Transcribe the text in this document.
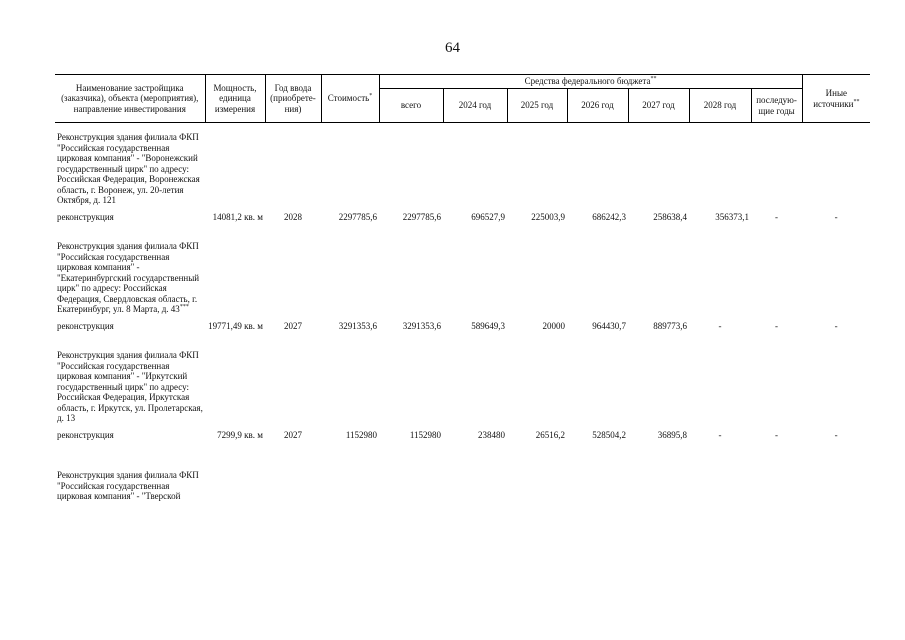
64
Наименование застройщика (заказчика), объекта (мероприятия), направление инвестирования	Мощность, единица измерения	Год ввода (приобрете-ния)	Стоимость*	Средства федерального бюджета**							Иные источники**
				всего	2024 год	2025 год	2026 год	2027 год	2028 год	последую-щие годы	
Реконструкция здания филиала ФКП "Российская государственная цирковая компания" - "Воронежский государственный цирк" по адресу: Российская Федерация, Воронежская область, г. Воронеж, ул. 20-летия Октября, д. 121											
реконструкция	14081,2 кв. м	2028	2297785,6	2297785,6	696527,9	225003,9	686242,3	258638,4	356373,1	-	-
Реконструкция здания филиала ФКП "Российская государственная цирковая компания" - "Екатеринбургский государственный цирк" по адресу: Российская Федерация, Свердловская область, г. Екатеринбург, ул. 8 Марта, д. 43***	
реконструкция	19771,49 кв. м	2027	3291353,6	3291353,6	589649,3	20000	964430,7	889773,6	-	-	-
Реконструкция здания филиала ФКП "Российская государственная цирковая компания" - "Иркутский государственный цирк" по адресу: Российская Федерация, Иркутская область, г. Иркутск, ул. Пролетарская, д. 13											
реконструкция	7299,9 кв. м	2027	1152980	1152980	238480	26516,2	528504,2	36895,8	-	-	-
Реконструкция здания филиала ФКП "Российская государственная цирковая компания" - "Тверской											
